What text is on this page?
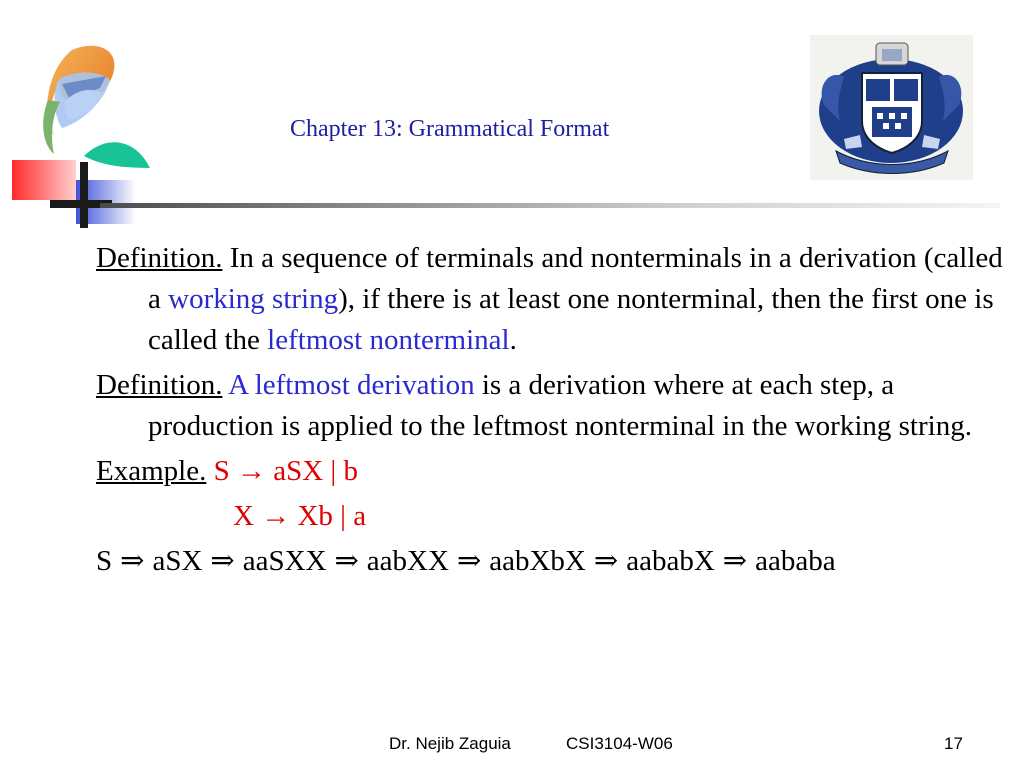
Chapter 13: Grammatical Format

Definition. In a sequence of terminals and nonterminals in a derivation (called a working string), if there is at least one nonterminal, then the first one is called the leftmost nonterminal.

Definition. A leftmost derivation is a derivation where at each step, a production is applied to the leftmost nonterminal in the working string.

Example. S → aSX | b

X → Xb | a

S ⇒ aSX ⇒ aaSXX ⇒ aabXX ⇒ aabXbX ⇒ aababX ⇒ aababa

Dr. Nejib Zaguia	CSI3104-W06	17
